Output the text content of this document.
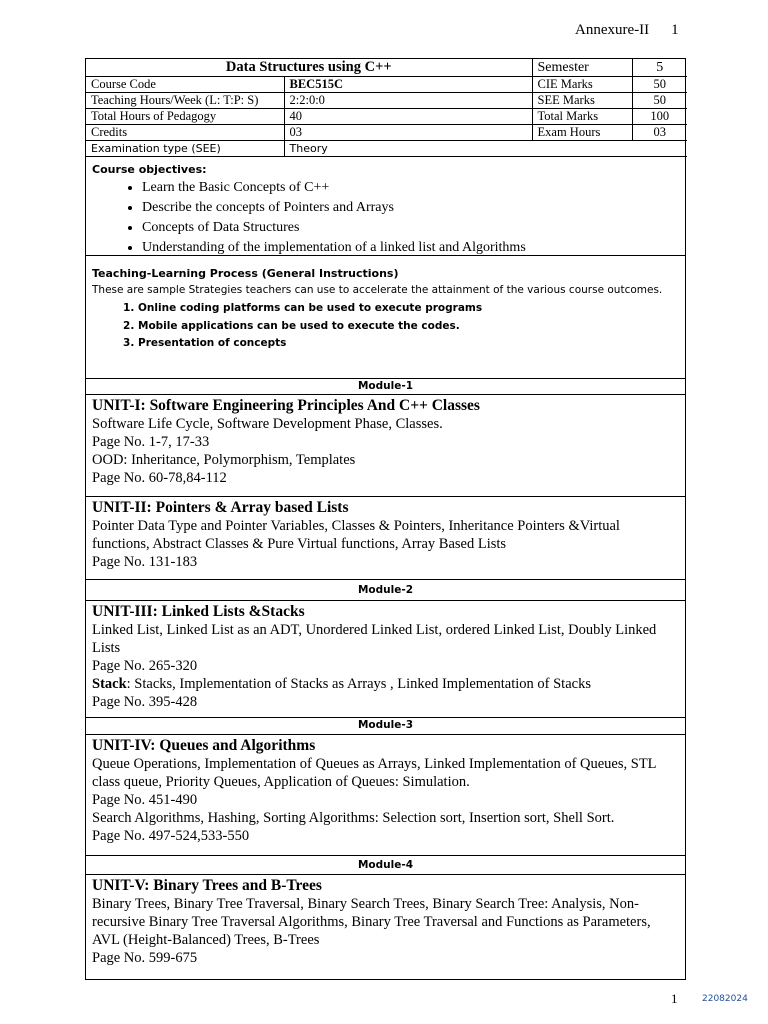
Annexure-II 1
Data Structures using C++		Semester	5
Course Code	BEC515C	CIE Marks	50
Teaching Hours/Week (L: T:P: S)	2:2:0:0	SEE Marks	50
Total Hours of Pedagogy	40	Total Marks	100
Credits	03	Exam Hours	03
Examination type (SEE)	Theory		
Course objectives:
• Learn the Basic Concepts of C++
• Describe the concepts of Pointers and Arrays
• Concepts of Data Structures
• Understanding of the implementation of a linked list and Algorithms
Teaching-Learning Process (General Instructions)
These are sample Strategies teachers can use to accelerate the attainment of the various course outcomes.
1. Online coding platforms can be used to execute programs
2. Mobile applications can be used to execute the codes.
3. Presentation of concepts
Module-1
UNIT-I: Software Engineering Principles And C++ Classes
Software Life Cycle, Software Development Phase, Classes.
Page No. 1-7, 17-33
OOD: Inheritance, Polymorphism, Templates
Page No. 60-78,84-112
UNIT-II: Pointers & Array based Lists
Pointer Data Type and Pointer Variables, Classes & Pointers, Inheritance Pointers &Virtual functions, Abstract Classes & Pure Virtual functions, Array Based Lists
Page No. 131-183
Module-2
UNIT-III: Linked Lists &Stacks
Linked List, Linked List as an ADT, Unordered Linked List, ordered Linked List, Doubly Linked Lists
Page No. 265-320
Stack: Stacks, Implementation of Stacks as Arrays , Linked Implementation of Stacks
Page No. 395-428
Module-3
UNIT-IV: Queues and Algorithms
Queue Operations, Implementation of Queues as Arrays, Linked Implementation of Queues, STL class queue, Priority Queues, Application of Queues: Simulation.
Page No. 451-490
Search Algorithms, Hashing, Sorting Algorithms: Selection sort, Insertion sort, Shell Sort.
Page No. 497-524,533-550
Module-4
UNIT-V: Binary Trees and B-Trees
Binary Trees, Binary Tree Traversal, Binary Search Trees, Binary Search Tree: Analysis, Non-recursive Binary Tree Traversal Algorithms, Binary Tree Traversal and Functions as Parameters, AVL (Height-Balanced) Trees, B-Trees
Page No. 599-675
1	22082024
